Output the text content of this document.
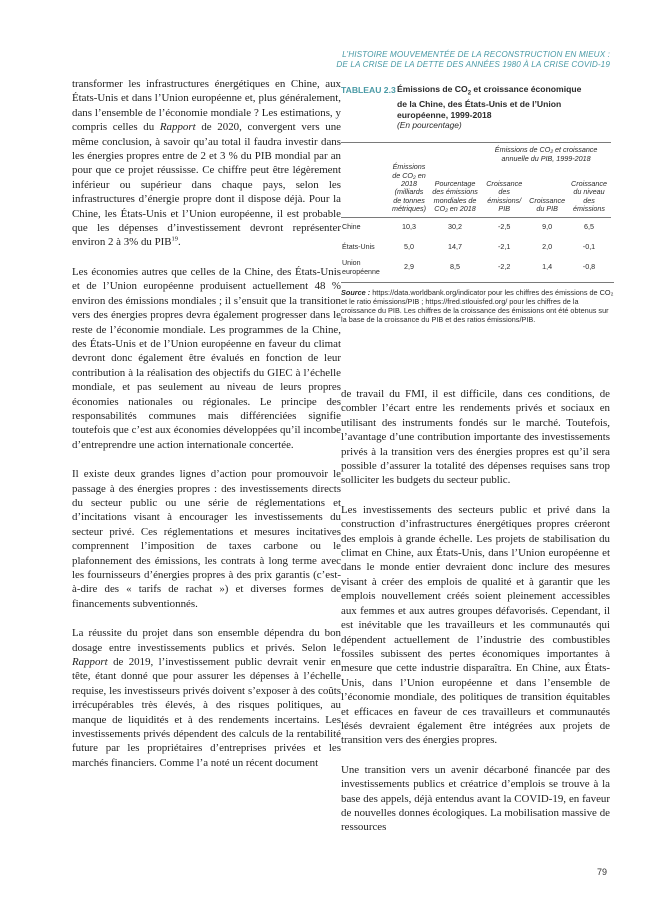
L’HISTOIRE MOUVEMENTÉE DE LA RECONSTRUCTION EN MIEUX :
DE LA CRISE DE LA DETTE DES ANNÉES 1980 À LA CRISE COVID-19

transformer les infrastructures énergétiques en Chine, aux États-Unis et dans l’Union européenne et, plus généralement, dans l’ensemble de l’économie mondiale ? Les estimations, y compris celles du Rapport de 2020, convergent vers une même conclusion, à savoir qu’au total il faudra investir dans les énergies propres entre de 2 et 3 % du PIB mondial par an pour que ce projet réussisse. Ce chiffre peut être légèrement inférieur ou supérieur dans chaque pays, selon les infrastructures d’énergie propre dont il dispose déjà. Pour la Chine, les États-Unis et l’Union européenne, il est probable que les dépenses d’investissement devront représenter environ 2 à 3% du PIB$^{19}$.

Les économies autres que celles de la Chine, des États-Unis et de l’Union européenne produisent actuellement 48 % environ des émissions mondiales ; il s’ensuit que la transition vers des énergies propres devra également progresser dans le reste de l’économie mondiale. Les programmes de la Chine, des États-Unis et de l’Union européenne en faveur du climat devront donc également être évalués en fonction de leur contribution à la réalisation des objectifs du GIEC à l’échelle mondiale, et pas seulement au niveau de leurs propres économies nationales ou régionales. Le principe des responsabilités communes mais différenciées signifie toutefois que c’est aux économies développées qu’il incombe d’entreprendre une action internationale concertée.

Il existe deux grandes lignes d’action pour promouvoir le passage à des énergies propres : des investissements directs du secteur public ou une série de réglementations et d’incitations visant à encourager les investissements du secteur privé. Ces réglementations et mesures incitatives comprennent l’imposition de taxes carbone ou le plafonnement des émissions, les contrats à long terme avec les fournisseurs d’énergies propres à des prix garantis (c’est-à-dire des « tarifs de rachat ») et diverses formes de financements subventionnés.

La réussite du projet dans son ensemble dépendra du bon dosage entre investissements publics et privés. Selon le Rapport de 2019, l’investissement public devrait venir en tête, étant donné que pour assurer les dépenses à l’échelle requise, les investisseurs privés doivent s’exposer à des coûts irrécupérables très élevés, à des risques politiques, au manque de liquidités et à des rendements incertains. Les investissements privés dépendent des calculs de la rentabilité future par les propriétaires d’entreprises privées et les marchés financiers. Comme l’a noté un récent document

TABLEAU 2.3 Émissions de $CO_2$ et croissance économique de la Chine, des États-Unis et de l’Union européenne, 1999-2018
(En pourcentage)
			Émissions de CO₂ et croissance annuelle du PIB, 1999-2018		
	Émissions de CO₂ en 2018 (milliards de tonnes métriques)	Pourcentage des émissions mondiales de CO₂ en 2018	Croissance des émissions/ PIB	Croissance du PIB	Croissance du niveau des émissions
Chine	10,3	30,2	-2,5	9,0	6,5
États-Unis	5,0	14,7	-2,1	2,0	-0,1
Union européenne	2,9	8,5	-2,2	1,4	-0,8
Source : https://data.worldbank.org/indicator pour les chiffres des émissions de CO₂ et le ratio émissions/PIB ; https://fred.stlouisfed.org/ pour les chiffres de la croissance du PIB. Les chiffres de la croissance des émissions ont été obtenus sur la base de la croissance du PIB et des ratios émissions/PIB.

de travail du FMI, il est difficile, dans ces conditions, de combler l’écart entre les rendements privés et sociaux en utilisant des instruments fondés sur le marché. Toutefois, l’avantage d’une contribution importante des investissements privés à la transition vers des énergies propres est qu’il sera possible d’assurer la totalité des dépenses requises sans trop solliciter les budgets du secteur public.

Les investissements des secteurs public et privé dans la construction d’infrastructures énergétiques propres créeront des emplois à grande échelle. Les projets de stabilisation du climat en Chine, aux États-Unis, dans l’Union européenne et dans le monde entier devraient donc inclure des mesures visant à créer des emplois de qualité et à garantir que les emplois nouvellement créés soient pleinement accessibles aux femmes et aux autres groupes défavorisés. Cependant, il est inévitable que les travailleurs et les communautés qui dépendent actuellement de l’industrie des combustibles fossiles subissent des pertes économiques importantes à mesure que cette industrie disparaîtra. En Chine, aux États-Unis, dans l’Union européenne et dans l’ensemble de l’économie mondiale, des politiques de transition équitables et efficaces en faveur de ces travailleurs et communautés lésés devraient également être intégrées aux projets de transition vers des énergies propres.

Une transition vers un avenir décarboné financée par des investissements publics et créatrice d’emplois se trouve à la base des appels, déjà entendus avant la COVID-19, en faveur de nouvelles donnes écologiques. La mobilisation massive de ressources

79
